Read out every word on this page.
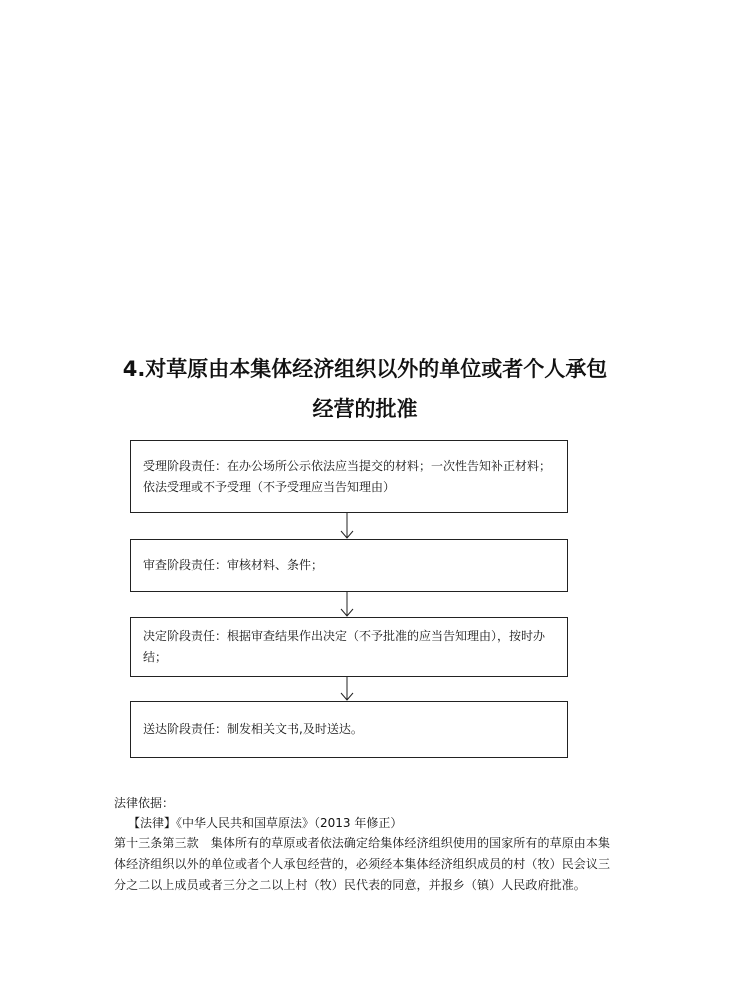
4.对草原由本集体经济组织以外的单位或者个人承包
经营的批准
受理阶段责任：在办公场所公示依法应当提交的材料；一次性告知补正材料；依法受理或不予受理（不予受理应当告知理由）
审查阶段责任：审核材料、条件；
决定阶段责任：根据审查结果作出决定（不予批准的应当告知理由），按时办结；
送达阶段责任：制发相关文书,及时送达。
法律依据：
【法律】《中华人民共和国草原法》（2013 年修正）
第十三条第三款　集体所有的草原或者依法确定给集体经济组织使用的国家所有的草原由本集体经济组织以外的单位或者个人承包经营的，必须经本集体经济组织成员的村（牧）民会议三分之二以上成员或者三分之二以上村（牧）民代表的同意，并报乡（镇）人民政府批准。
